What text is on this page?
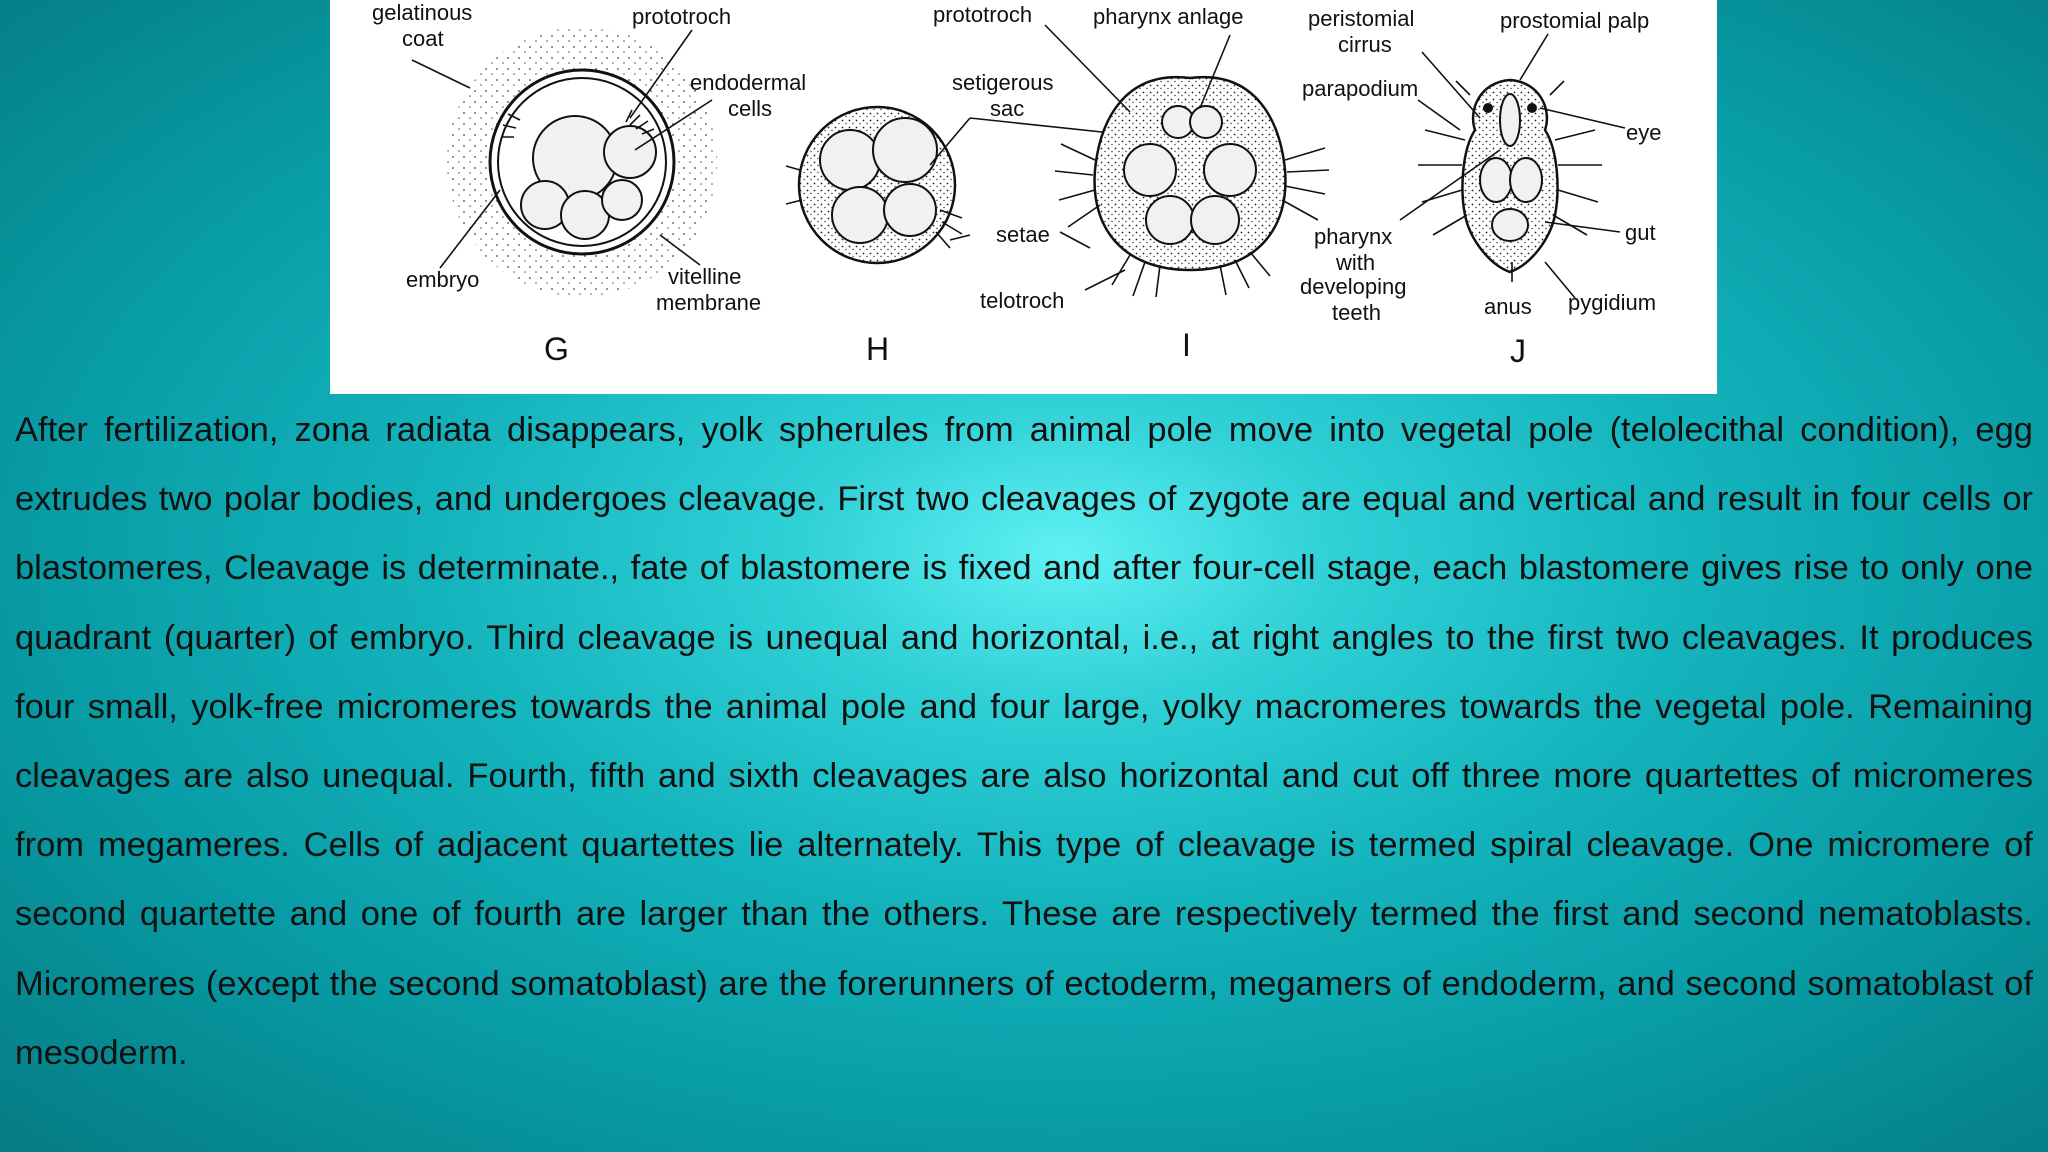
gelatinous coat
prototroch
endodermal cells
embryo	vitelline membrane
G
setigerous sac
setae
telotroch
H
prototroch	pharynx anlage
I
peristomial cirrus
prostomial palp
parapodium
eye
gut
pharynx with developing teeth	anus pygidium
J

After fertilization, zona radiata disappears, yolk spherules from animal pole move into vegetal pole (telolecithal condition), egg extrudes two polar bodies, and undergoes cleavage. First two cleavages of zygote are equal and vertical and result in four cells or blastomeres, Cleavage is determinate., fate of blastomere is fixed and after four-cell stage, each blastomere gives rise to only one quadrant (quarter) of embryo. Third cleavage is unequal and horizontal, i.e., at right angles to the first two cleavages. It produces four small, yolk-free micromeres towards the animal pole and four large, yolky macromeres towards the vegetal pole. Remaining cleavages are also unequal. Fourth, fifth and sixth cleavages are also horizontal and cut off three more quartettes of micromeres from megameres. Cells of adjacent quartettes lie alternately. This type of cleavage is termed spiral cleavage. One micromere of second quartette and one of fourth are larger than the others. These are respectively termed the first and second nematoblasts. Micromeres (except the second somatoblast) are the forerunners of ectoderm, megamers of endoderm, and second somatoblast of mesoderm.
